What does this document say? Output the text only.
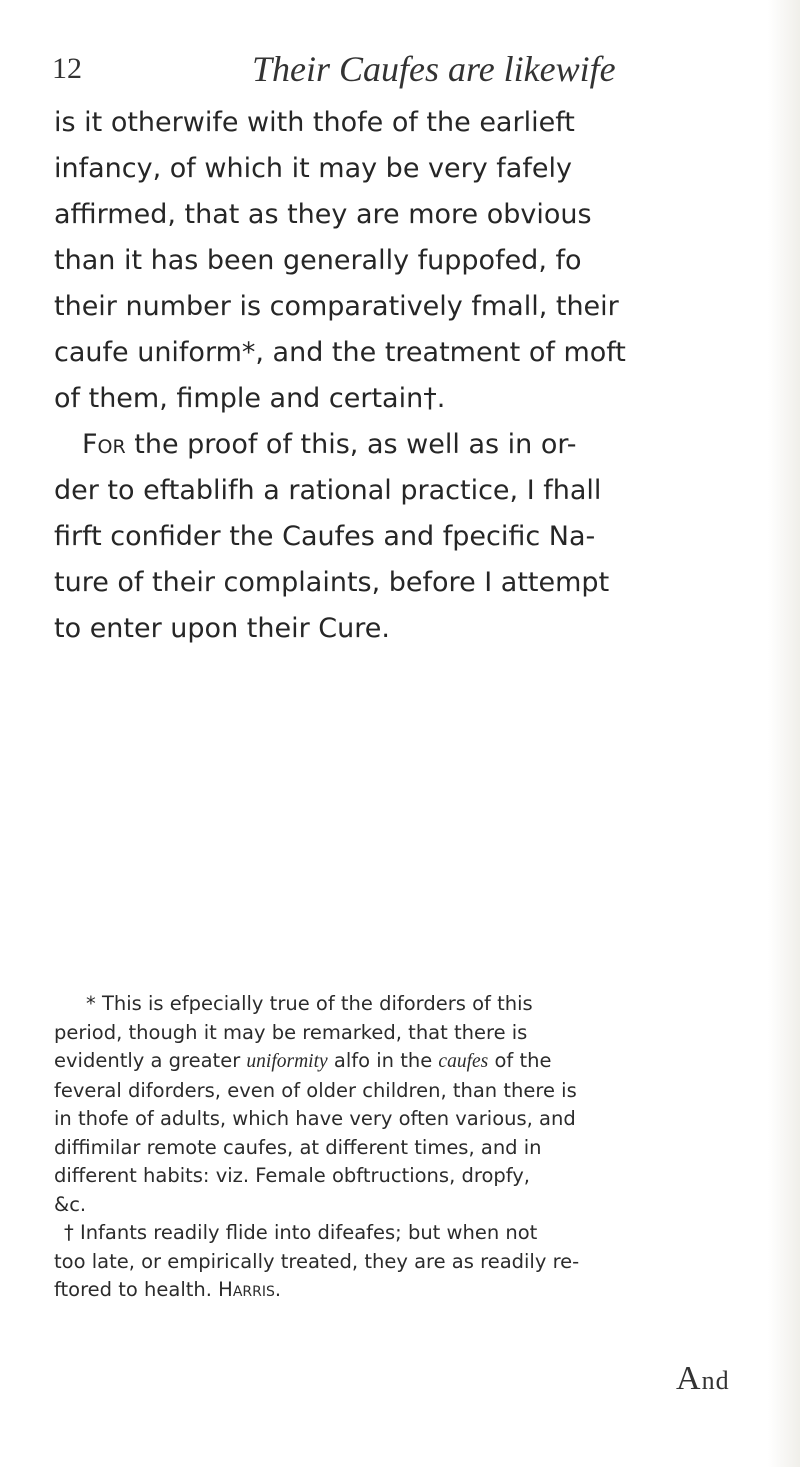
12	Their Caufes are likewife
is it otherwife with thofe of the earlieft
infancy, of which it may be very fafely
affirmed, that as they are more obvious
than it has been generally fuppofed, fo
their number is comparatively fmall, their
caufe uniform*, and the treatment of moft
of them, fimple and certain†.
For the proof of this, as well as in or-
der to eftablifh a rational practice, I fhall
firft confider the Caufes and fpecific Na-
ture of their complaints, before I attempt
to enter upon their Cure.
* This is efpecially true of the diforders of this
period, though it may be remarked, that there is
evidently a greater uniformity alfo in the caufes of the
feveral diforders, even of older children, than there is
in thofe of adults, which have very often various, and
diffimilar remote caufes, at different times, and in
different habits: viz. Female obftructions, dropfy,
&c.
† Infants readily flide into difeafes; but when not
too late, or empirically treated, they are as readily re-
ftored to health. Harris.
And
